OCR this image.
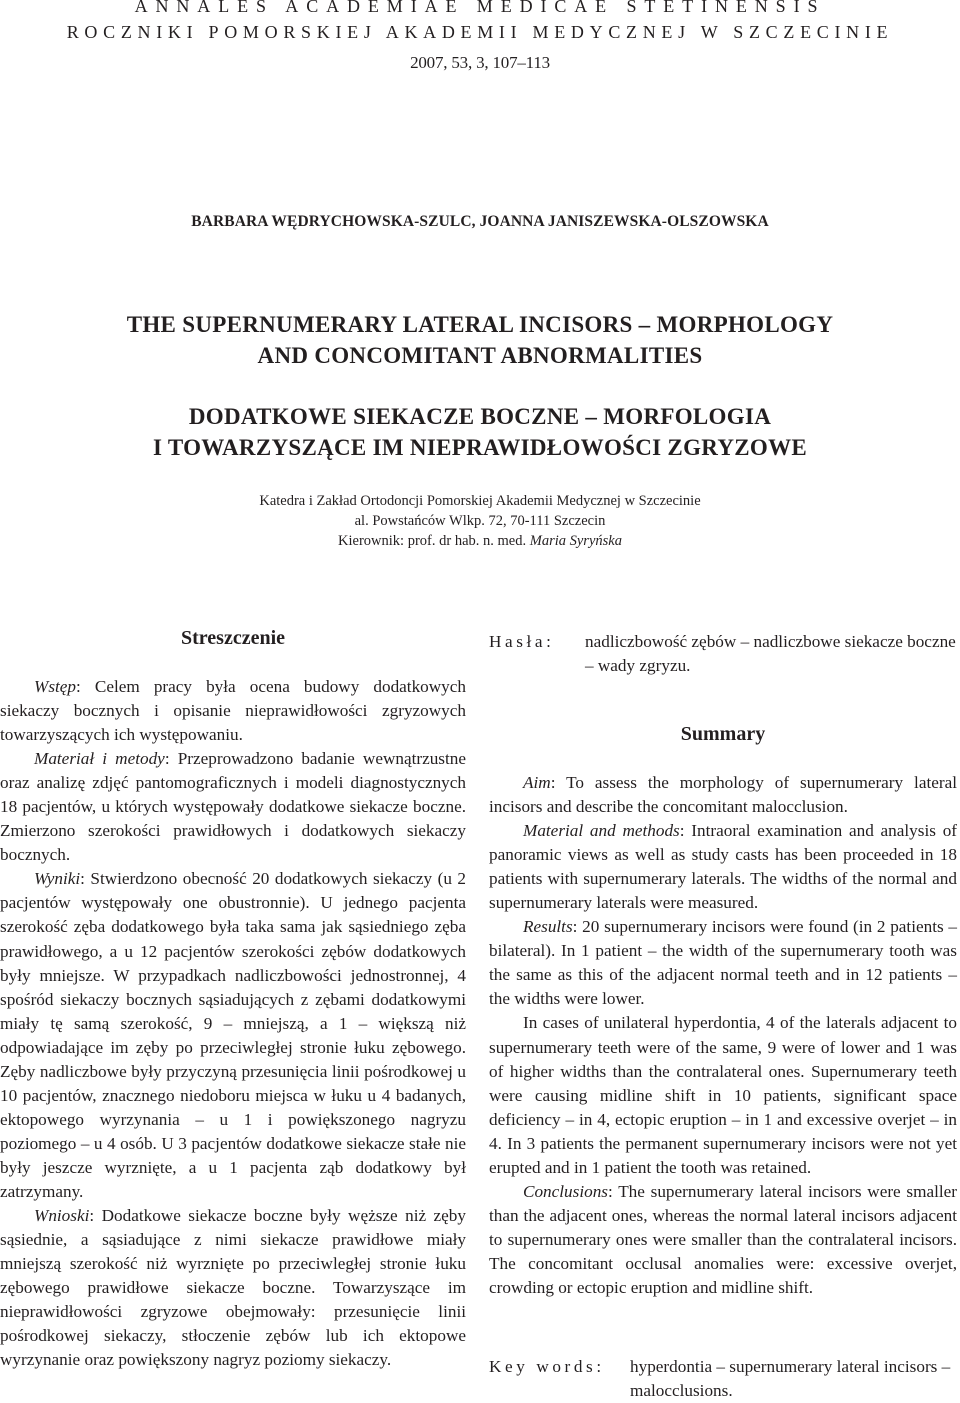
ANNALES ACADEMIAE MEDICAE STETINENSIS
ROCZNIKI POMORSKIEJ AKADEMII MEDYCZNEJ W SZCZECINIE
2007, 53, 3, 107–113
BARBARA WĘDRYCHOWSKA-SZULC, JOANNA JANISZEWSKA-OLSZOWSKA
THE SUPERNUMERARY LATERAL INCISORS – MORPHOLOGY
AND CONCOMITANT ABNORMALITIES
DODATKOWE SIEKACZE BOCZNE – MORFOLOGIA
I TOWARZYSZĄCE IM NIEPRAWIDŁOWOŚCI ZGRYZOWE
Katedra i Zakład Ortodoncji Pomorskiej Akademii Medycznej w Szczecinie
al. Powstańców Wlkp. 72, 70-111 Szczecin
Kierownik: prof. dr hab. n. med. Maria Syryńska
Streszczenie

Wstęp: Celem pracy była ocena budowy dodatkowych siekaczy bocznych i opisanie nieprawidłowości zgryzowych towarzyszących ich występowaniu.

Materiał i metody: Przeprowadzono badanie wewnątrzustne oraz analizę zdjęć pantomograficznych i modeli diagnostycznych 18 pacjentów, u których występowały dodatkowe siekacze boczne. Zmierzono szerokości prawidłowych i dodatkowych siekaczy bocznych.

Wyniki: Stwierdzono obecność 20 dodatkowych siekaczy (u 2 pacjentów występowały one obustronnie). U jednego pacjenta szerokość zęba dodatkowego była taka sama jak sąsiedniego zęba prawidłowego, a u 12 pacjentów szerokości zębów dodatkowych były mniejsze. W przypadkach nadliczbowości jednostronnej, 4 spośród siekaczy bocznych sąsiadujących z zębami dodatkowymi miały tę samą szerokość, 9 – mniejszą, a 1 – większą niż odpowiadające im zęby po przeciwległej stronie łuku zębowego. Zęby nadliczbowe były przyczyną przesunięcia linii pośrodkowej u 10 pacjentów, znacznego niedoboru miejsca w łuku u 4 badanych, ektopowego wyrzynania – u 1 i powiększonego nagryzu poziomego – u 4 osób. U 3 pacjentów dodatkowe siekacze stałe nie były jeszcze wyrznięte, a u 1 pacjenta ząb dodatkowy był zatrzymany.

Wnioski: Dodatkowe siekacze boczne były węższe niż zęby sąsiednie, a sąsiadujące z nimi siekacze prawidłowe miały mniejszą szerokość niż wyrznięte po przeciwległej stronie łuku zębowego prawidłowe siekacze boczne. Towarzyszące im nieprawidłowości zgryzowe obejmowały: przesunięcie linii pośrodkowej siekaczy, stłoczenie zębów lub ich ektopowe wyrzynanie oraz powiększony nagryz poziomy siekaczy.

Hasła:	nadliczbowość zębów – nadliczbowe siekacze boczne – wady zgryzu.
Summary

Aim: To assess the morphology of supernumerary lateral incisors and describe the concomitant malocclusion.

Material and methods: Intraoral examination and analysis of panoramic views as well as study casts has been proceeded in 18 patients with supernumerary laterals. The widths of the normal and supernumerary laterals were measured.

Results: 20 supernumerary incisors were found (in 2 patients – bilateral). In 1 patient – the width of the supernumerary tooth was the same as this of the adjacent normal teeth and in 12 patients – the widths were lower.

In cases of unilateral hyperdontia, 4 of the laterals adjacent to supernumerary teeth were of the same, 9 were of lower and 1 was of higher widths than the contralateral ones. Supernumerary teeth were causing midline shift in 10 patients, significant space deficiency – in 4, ectopic eruption – in 1 and excessive overjet – in 4. In 3 patients the permanent supernumerary incisors were not yet erupted and in 1 patient the tooth was retained.

Conclusions: The supernumerary lateral incisors were smaller than the adjacent ones, whereas the normal lateral incisors adjacent to supernumerary ones were smaller than the contralateral incisors. The concomitant occlusal anomalies were: excessive overjet, crowding or ectopic eruption and midline shift.

Key words:	hyperdontia – supernumerary lateral incisors – malocclusions.
